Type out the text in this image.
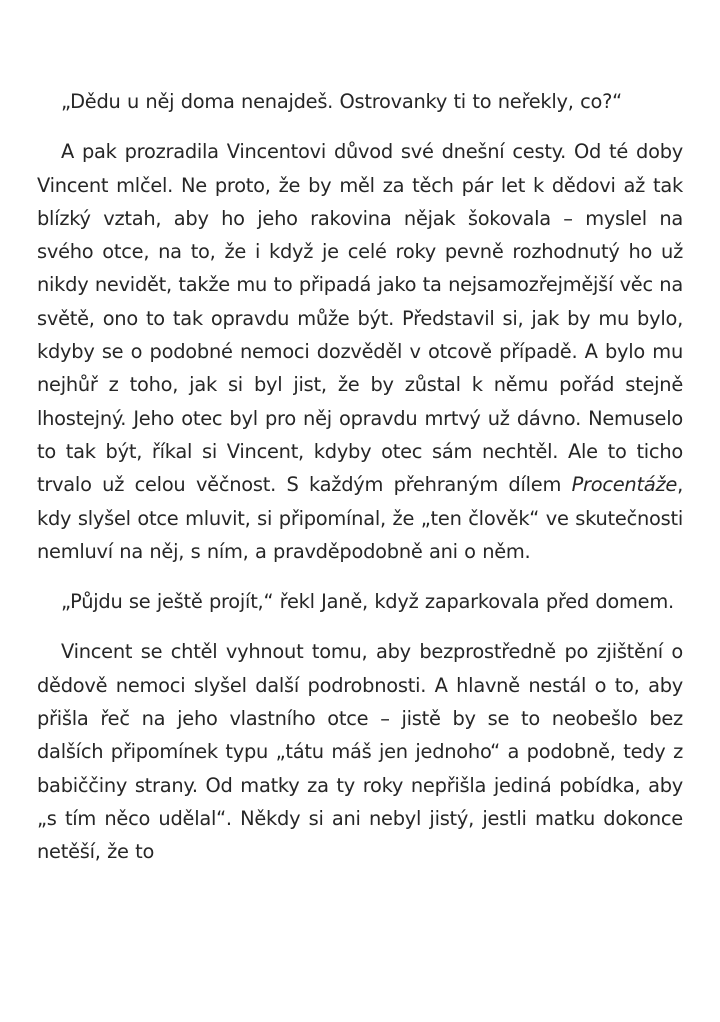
„Dědu u něj doma nenajdeš. Ostrovanky ti to neřekly, co?“

A pak prozradila Vincentovi důvod své dnešní cesty. Od té doby Vincent mlčel. Ne proto, že by měl za těch pár let k dědovi až tak blízký vztah, aby ho jeho rakovina nějak šokovala – myslel na svého otce, na to, že i když je celé roky pevně rozhodnutý ho už nikdy nevidět, takže mu to připadá jako ta nejsamozřejmější věc na světě, ono to tak opravdu může být. Představil si, jak by mu bylo, kdyby se o podobné nemoci dozvěděl v otcově případě. A bylo mu nejhůř z toho, jak si byl jist, že by zůstal k němu pořád stejně lhostejný. Jeho otec byl pro něj opravdu mrtvý už dávno. Nemuselo to tak být, říkal si Vincent, kdyby otec sám nechtěl. Ale to ticho trvalo už celou věčnost. S každým přehraným dílem Procentáže, kdy slyšel otce mluvit, si připomínal, že „ten člověk“ ve skutečnosti nemluví na něj, s ním, a pravděpodobně ani o něm.

„Půjdu se ještě projít,“ řekl Janě, když zaparkovala před domem.

Vincent se chtěl vyhnout tomu, aby bezprostředně po zjištění o dědově nemoci slyšel další podrobnosti. A hlavně nestál o to, aby přišla řeč na jeho vlastního otce – jistě by se to neobešlo bez dalších připomínek typu „tátu máš jen jednoho“ a podobně, tedy z babiččiny strany. Od matky za ty roky nepřišla jediná pobídka, aby „s tím něco udělal“. Někdy si ani nebyl jistý, jestli matku dokonce netěší, že to
